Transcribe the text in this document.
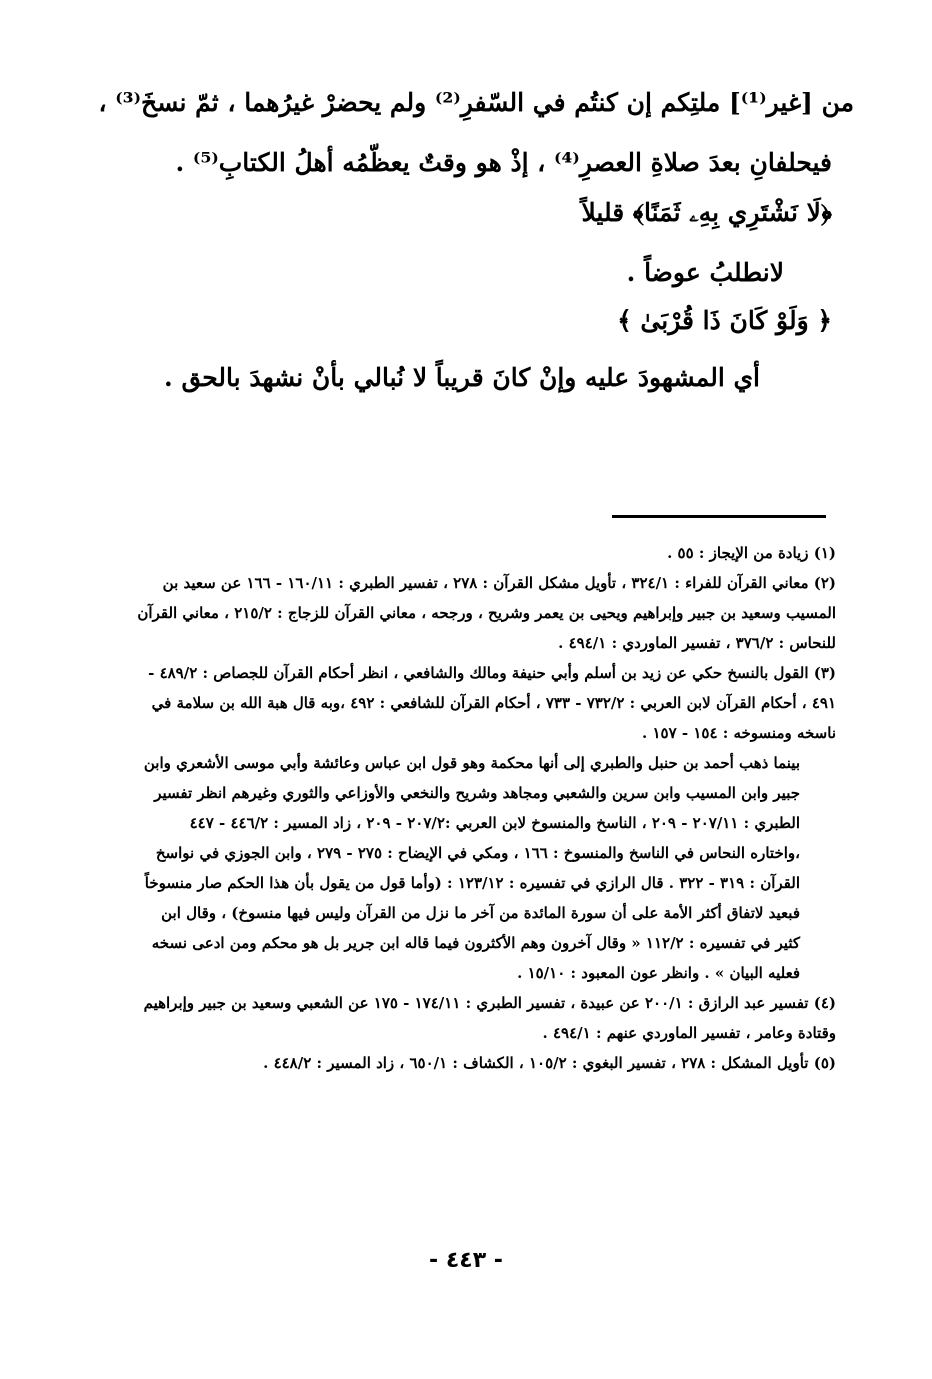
من [غير⁽¹⁾] ملتِكم إن كنتُم في السّفرِ⁽²⁾ ولم يحضرْ غيرُهما ، ثمّ نسخَ⁽³⁾ ،
فيحلفانِ بعدَ صلاةِ العصرِ⁽⁴⁾ ، إذْ هو وقتٌ يعظّمُه أهلُ الكتابِ⁽⁵⁾ .
﴿لَا نَشْتَرِي بِهِۦ ثَمَنًا﴾ قليلاً
لانطلبُ عوضاً .
﴿ وَلَوْ كَانَ ذَا قُرْبَىٰ ﴾
أي المشهودَ عليه وإنْ كانَ قريباً لا نُبالي بأنْ نشهدَ بالحق .

(١) زيادة من الإيجاز : ٥٥ .

(٢) معاني القرآن للفراء : ٣٢٤/١ ، تأويل مشكل القرآن : ٢٧٨ ، تفسير الطبري : ١٦٠/١١ - ١٦٦ عن سعيد بن المسيب وسعيد بن جبير وإبراهيم ويحيى بن يعمر وشريح ، ورجحه ، معاني القرآن للزجاج : ٢١٥/٢ ، معاني القرآن للنحاس : ٣٧٦/٢ ، تفسير الماوردي : ٤٩٤/١ .

(٣) القول بالنسخ حكي عن زيد بن أسلم وأبي حنيفة ومالك والشافعي ، انظر أحكام القرآن للجصاص : ٤٨٩/٢ - ٤٩١ ، أحكام القرآن لابن العربي : ٧٣٢/٢ - ٧٣٣ ، أحكام القرآن للشافعي : ٤٩٢ ،وبه قال هبة الله بن سلامة في ناسخه ومنسوخه : ١٥٤ - ١٥٧ .

بينما ذهب أحمد بن حنبل والطبري إلى أنها محكمة وهو قول ابن عباس وعائشة وأبي موسى الأشعري وابن جبير وابن المسيب وابن سرين والشعبي ومجاهد وشريح والنخعي والأوزاعي والثوري وغيرهم انظر تفسير الطبري : ٢٠٧/١١ - ٢٠٩ ، الناسخ والمنسوخ لابن العربي :٢٠٧/٢ - ٢٠٩ ، زاد المسير : ٤٤٦/٢ - ٤٤٧ ،واختاره النحاس في الناسخ والمنسوخ : ١٦٦ ، ومكي في الإيضاح : ٢٧٥ - ٢٧٩ ، وابن الجوزي في نواسخ القرآن : ٣١٩ - ٣٢٢ . قال الرازي في تفسيره : ١٢٣/١٢ : (وأما قول من يقول بأن هذا الحكم صار منسوخاً فبعيد لاتفاق أكثر الأمة على أن سورة المائدة من آخر ما نزل من القرآن وليس فيها منسوخ) ، وقال ابن كثير في تفسيره : ١١٢/٢ « وقال آخرون وهم الأكثرون فيما قاله ابن جرير بل هو محكم ومن ادعى نسخه فعليه البيان » . وانظر عون المعبود : ١٥/١٠ .

(٤) تفسير عبد الرازق : ٢٠٠/١ عن عبيدة ، تفسير الطبري : ١٧٤/١١ - ١٧٥ عن الشعبي وسعيد بن جبير وإبراهيم وقتادة وعامر ، تفسير الماوردي عنهم : ٤٩٤/١ .

(٥) تأويل المشكل : ٢٧٨ ، تفسير البغوي : ١٠٥/٢ ، الكشاف : ٦٥٠/١ ، زاد المسير : ٤٤٨/٢ .

- ٤٤٣ -
